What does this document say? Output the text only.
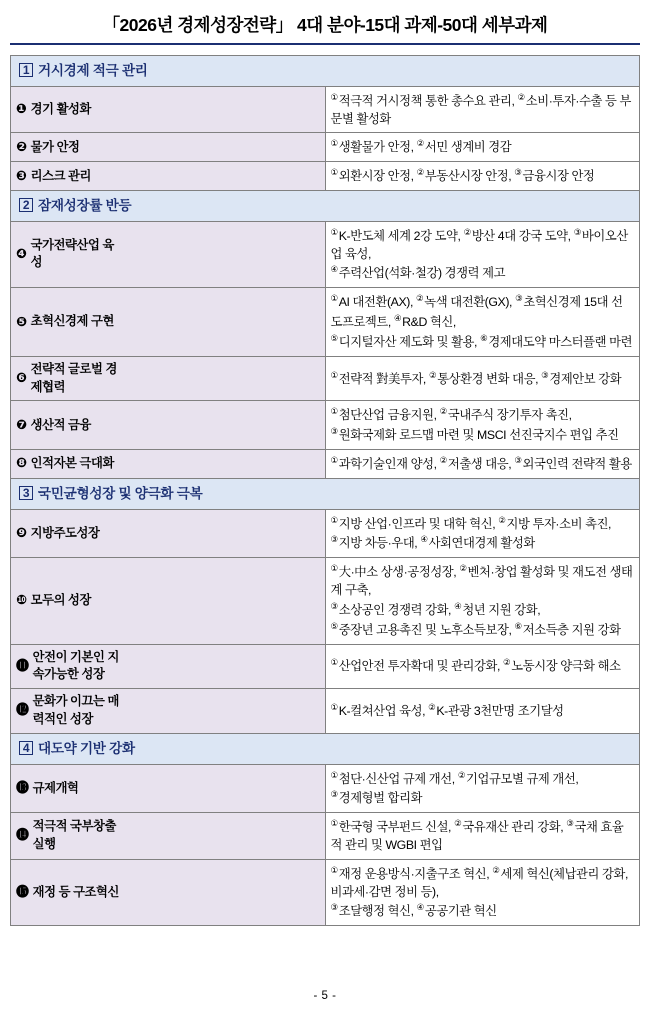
「2026년 경제성장전략」 4대 분야-15대 과제-50대 세부과제
1 거시경제 적극 관리	
❶ 경기 활성화	①적극적 거시정책 통한 총수요 관리, ②소비·투자·수출 등 부문별 활성화

❷ 물가 안정	①생활물가 안정, ②서민 생계비 경감

❸ 리스크 관리	①외환시장 안정, ②부동산시장 안정, ③금융시장 안정

2 잠재성장률 반등	
❹국가전략산업 육성	①K-반도체 세계 2강 도약, ②방산 4대 강국 도약, ③바이오산업 육성,
④주력산업(석화·철강) 경쟁력 제고

❺ 초혁신경제 구현	①AI 대전환(AX), ②녹색 대전환(GX), ③초혁신경제 15대 선도프로젝트, ④R&D 혁신,
⑤디지털자산 제도화 및 활용, ⑥경제대도약 마스터플랜 마련

❻전략적 글로벌 경제협력	①전략적 對美투자, ②통상환경 변화 대응, ③경제안보 강화

❼ 생산적 금융	①첨단산업 금융지원, ②국내주식 장기투자 촉진,
③원화국제화 로드맵 마련 및 MSCI 선진국지수 편입 추진

❽ 인적자본 극대화	①과학기술인재 양성, ②저출생 대응, ③외국인력 전략적 활용

3 국민균형성장 및 양극화 극복	
❾ 지방주도성장	①지방 산업·인프라 및 대학 혁신, ②지방 투자·소비 촉진,
③지방 차등·우대, ④사회연대경제 활성화

❿ 모두의 성장	①大·中소 상생·공정성장, ②벤처·창업 활성화 및 재도전 생태계 구축,
③소상공인 경쟁력 강화, ④청년 지원 강화,
⑤중장년 고용촉진 및 노후소득보장, ⑥저소득층 지원 강화

⓫안전이 기본인 지속가능한 성장	①산업안전 투자확대 및 관리강화, ②노동시장 양극화 해소

⓬문화가 이끄는 매력적인 성장	①K-컬쳐산업 육성, ②K-관광 3천만명 조기달성

4 대도약 기반 강화	
⓭ 규제개혁	①첨단·신산업 규제 개선, ②기업규모별 규제 개선,
③경제형벌 합리화

⓮적극적 국부창출 실행	①한국형 국부펀드 신설, ②국유재산 관리 강화, ③국채 효율적 관리 및 WGBI 편입

⓯ 재정 등 구조혁신	①재정 운용방식·지출구조 혁신, ②세제 혁신(체납관리 강화, 비과세·감면 정비 등),
③조달행정 혁신, ④공공기관 혁신
- 5 -
